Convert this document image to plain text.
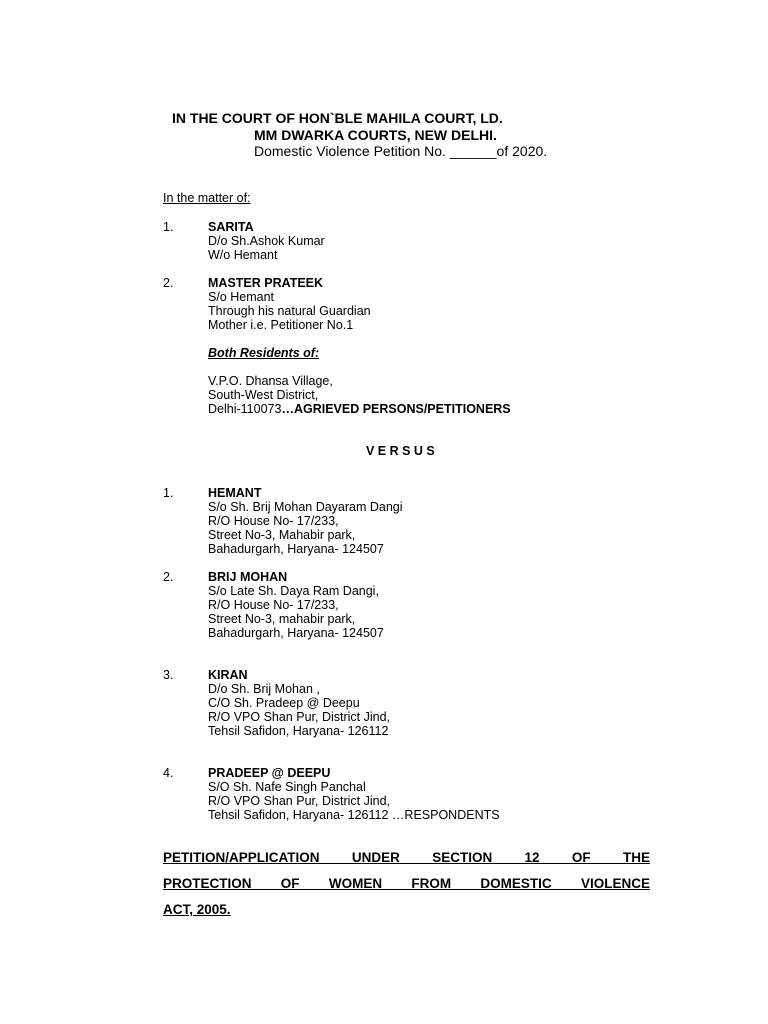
IN THE COURT OF HON`BLE MAHILA COURT, LD.
MM DWARKA COURTS, NEW DELHI.
Domestic Violence Petition No. ______of 2020.
In the matter of:
1.	SARITA
D/o Sh.Ashok Kumar
W/o Hemant
2.	MASTER PRATEEK
S/o Hemant
Through his natural Guardian
Mother i.e. Petitioner No.1
Both Residents of:
V.P.O. Dhansa Village,
South-West District,
Delhi-110073…AGRIEVED PERSONS/PETITIONERS
V E R S U S
1.	HEMANT
S/o Sh. Brij Mohan Dayaram Dangi
R/O House No- 17/233,
Street No-3, Mahabir park,
Bahadurgarh, Haryana- 124507
2.	BRIJ MOHAN
S/o Late Sh. Daya Ram Dangi,
R/O House No- 17/233,
Street No-3, mahabir park,
Bahadurgarh, Haryana- 124507
3.	KIRAN
D/o Sh. Brij Mohan ,
C/O Sh. Pradeep @ Deepu
R/O VPO Shan Pur, District Jind,
Tehsil Safidon, Haryana- 126112
4.	PRADEEP @ DEEPU
S/O Sh. Nafe Singh Panchal
R/O VPO Shan Pur, District Jind,
Tehsil Safidon, Haryana- 126112 …RESPONDENTS
PETITION/APPLICATION UNDER SECTION 12 OF THE
PROTECTION OF WOMEN FROM DOMESTIC VIOLENCE
ACT, 2005.
